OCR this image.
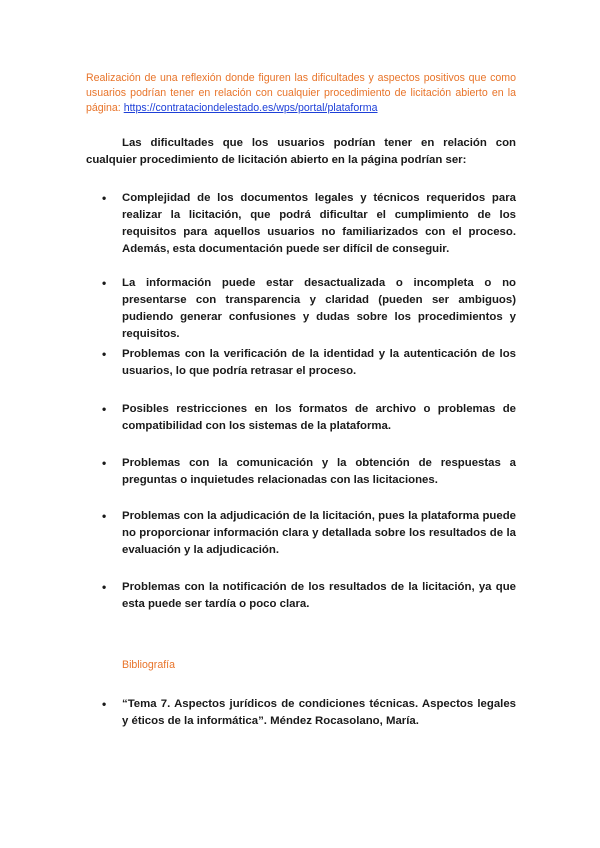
Realización de una reflexión donde figuren las dificultades y aspectos positivos que como usuarios podrían tener en relación con cualquier procedimiento de licitación abierto en la página: https://contrataciondelestado.es/wps/portal/plataforma

Las dificultades que los usuarios podrían tener en relación con cualquier procedimiento de licitación abierto en la página podrían ser:

• Complejidad de los documentos legales y técnicos requeridos para realizar la licitación, que podrá dificultar el cumplimiento de los requisitos para aquellos usuarios no familiarizados con el proceso. Además, esta documentación puede ser difícil de conseguir.
• La información puede estar desactualizada o incompleta o no presentarse con transparencia y claridad (pueden ser ambiguos) pudiendo generar confusiones y dudas sobre los procedimientos y requisitos.
• Problemas con la verificación de la identidad y la autenticación de los usuarios, lo que podría retrasar el proceso.
• Posibles restricciones en los formatos de archivo o problemas de compatibilidad con los sistemas de la plataforma.
• Problemas con la comunicación y la obtención de respuestas a preguntas o inquietudes relacionadas con las licitaciones.
• Problemas con la adjudicación de la licitación, pues la plataforma puede no proporcionar información clara y detallada sobre los resultados de la evaluación y la adjudicación.
• Problemas con la notificación de los resultados de la licitación, ya que esta puede ser tardía o poco clara.
Bibliografía
• “Tema 7. Aspectos jurídicos de condiciones técnicas. Aspectos legales y éticos de la informática”. Méndez Rocasolano, María.
